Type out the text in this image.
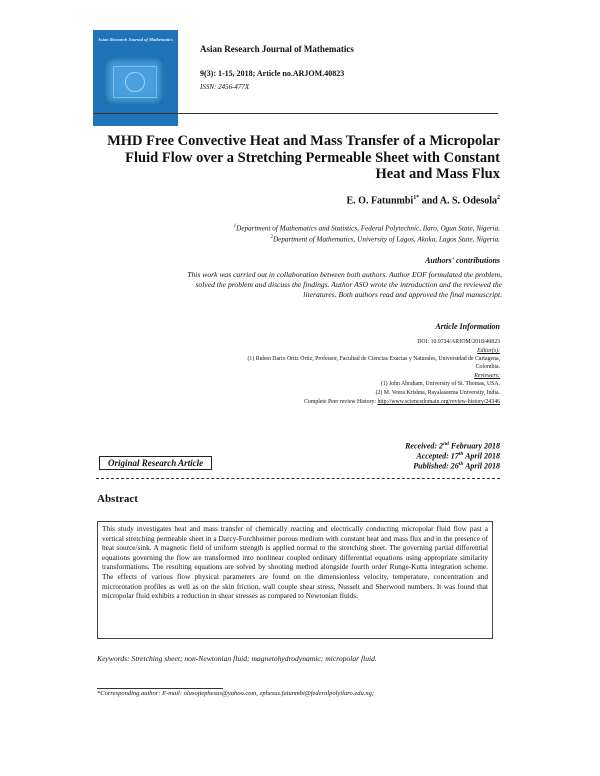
Asian Research Journal of Mathematics
Asian Research Journal of Mathematics
9(3): 1-15, 2018; Article no.ARJOM.40823
ISSN: 2456-477X
MHD Free Convective Heat and Mass Transfer of a Micropolar
Fluid Flow over a Stretching Permeable Sheet with Constant
Heat and Mass Flux
E. O. Fatunmbi$^{1*}$ and A. S. Odesola$^2$
$^1$Department of Mathematics and Statistics, Federal Polytechnic, Ilaro, Ogun State, Nigeria.
$^2$Department of Mathematics, University of Lagos, Akoka, Lagos State, Nigeria.
Authors' contributions
This work was carried out in collaboration between both authors. Author EOF formulated the problem,
solved the problem and discuss the findings. Author ASO wrote the introduction and the reviewed the
literatures. Both authors read and approved the final manuscript.
Article Information
DOI: 10.9734/ARJOM/2018/40823
Editor(s):
(1) Ruben Dario Ortiz Ortiz, Professor, Facultad de Ciencias Exactas y Naturales, Universidad de Cartagena,
Colombia.
Reviewers:
(1) John Abraham, University of St. Thomas, USA.
(2) M. Veera Krishna, Rayalaseema University, India.
Complete Peer review History: http://www.sciencedomain.org/review-history/24346
Received: 2nd February 2018
Accepted: 17th April 2018
Published: 26th April 2018
Original Research Article
Abstract
This study investigates heat and mass transfer of chemically reacting and electrically conducting micropolar fluid flow past a vertical stretching permeable sheet in a Darcy-Forchheimer porous medium with constant heat and mass flux and in the presence of heat source/sink. A magnetic field of uniform strength is applied normal to the stretching sheet. The governing partial differential equations governing the flow are transformed into nonlinear coupled ordinary differential equations using appropriate similarity transformations. The resulting equations are solved by shooting method alongside fourth order Runge-Kutta integration scheme. The effects of various flow physical parameters are found on the dimensionless velocity, temperature, concentration and microrotation profiles as well as on the skin friction, wall couple shear stress, Nusselt and Sherwood numbers. It was found that micropolar fluid exhibits a reduction in shear stresses as compared to Newtonian fluids.
Keywords: Stretching sheet; non-Newtonian fluid; magnetohydrodynamic; micropolar fluid.
*Corresponding author: E-mail: olusojiephesus@yahoo.com, ephesus.fatunmbi@federalpolyilaro.edu.ng;
